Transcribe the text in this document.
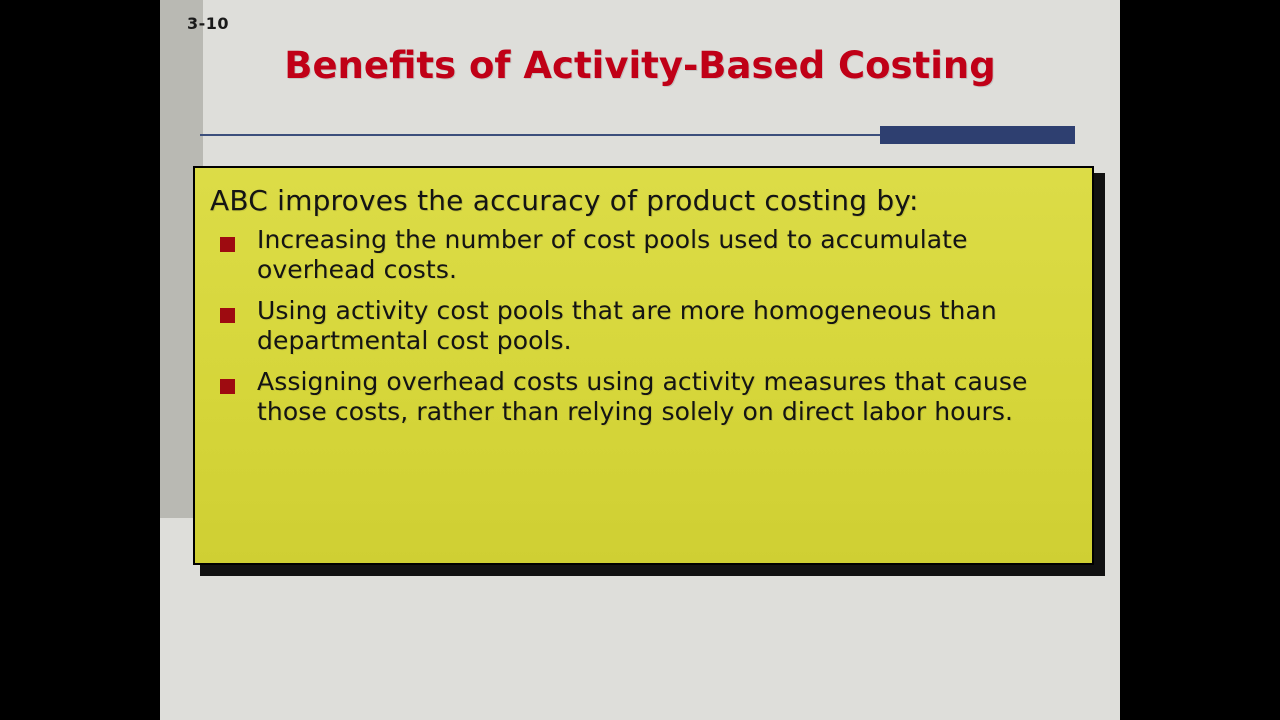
3-10
Benefits of Activity-Based Costing
ABC improves the accuracy of product costing by:
Increasing the number of cost pools used to accumulate overhead costs.
Using activity cost pools that are more homogeneous than departmental cost pools.
Assigning overhead costs using activity measures that cause those costs, rather than relying solely on direct labor hours.
